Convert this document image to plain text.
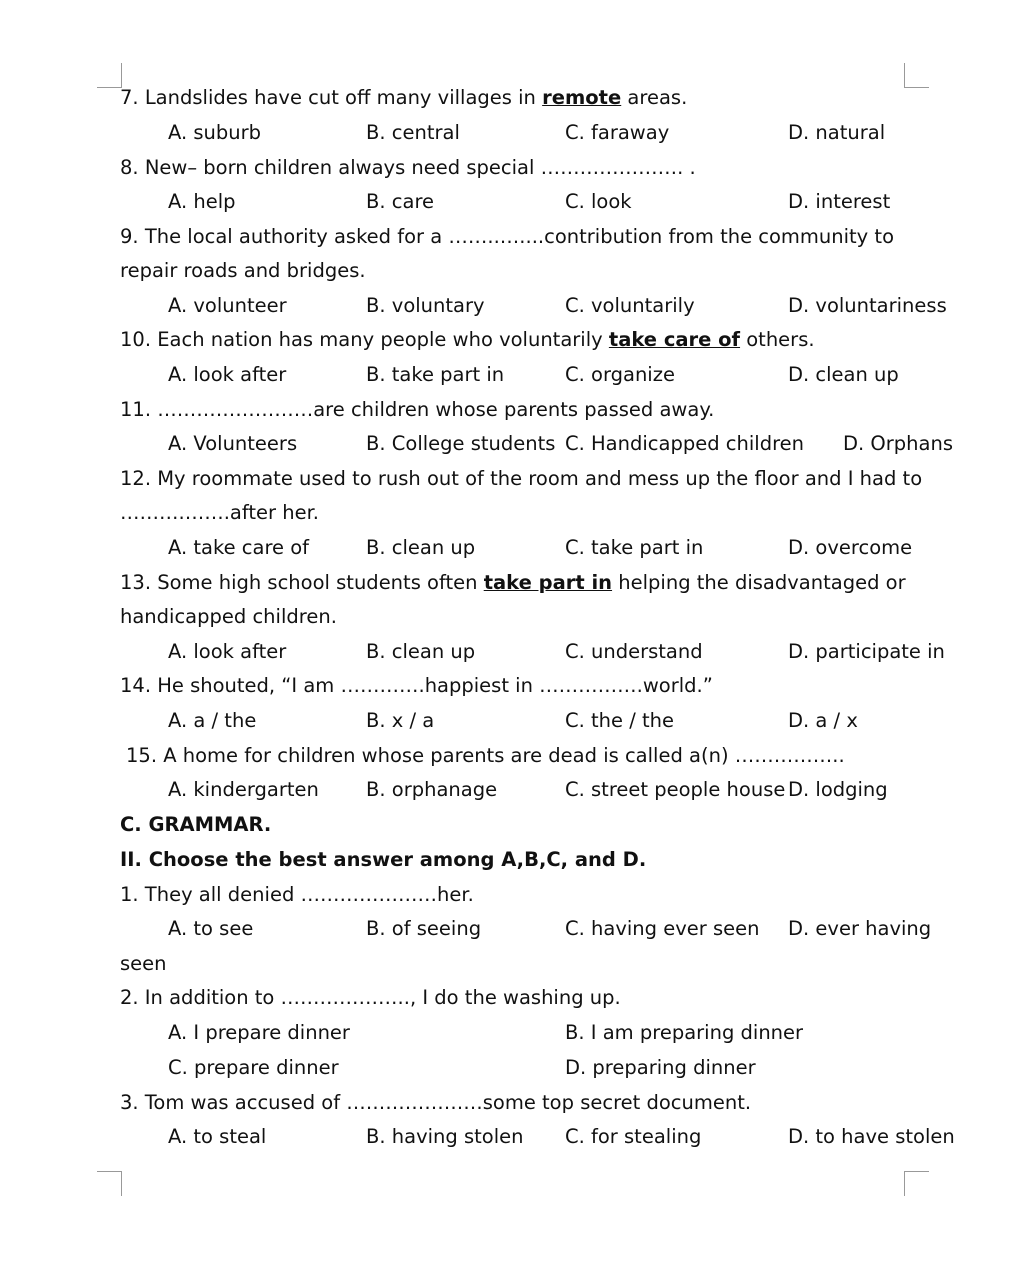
7. Landslides have cut off many villages in remote areas.
A. suburb	B. central	C. faraway	D. natural
8. New– born children always need special …………………. .
A. help	B. care	C. look	D. interest
9. The local authority asked for a ……..…....contribution from the community to
repair roads and bridges.
A. volunteer	B. voluntary	C. voluntarily	D. voluntariness
10. Each nation has many people who voluntarily take care of others.
A. look after	B. take part in	C. organize	D. clean up
11. ……………………are children whose parents passed away.
A. Volunteers	B. College students C. Handicapped children D. Orphans
12. My roommate used to rush out of the room and mess up the floor and I had to
……….…….after her.
A. take care of	B. clean up	C. take part in	D. overcome
13. Some high school students often take part in helping the disadvantaged or
handicapped children.
A. look after	B. clean up	C. understand	D. participate in
14. He shouted, “I am ………….happiest in …………….world.”
A. a / the	B. x / a	C. the / the	D. a / x
15. A home for children whose parents are dead is called a(n) ……………..
A. kindergarten B. orphanage	C. street people house D. lodging
C. GRAMMAR.
II. Choose the best answer among A,B,C, and D.
1. They all denied …………………her.
A. to see	B. of seeing	C. having ever seen D. ever having
seen
2. In addition to ……………….., I do the washing up.
A. I prepare dinner	B. I am preparing dinner
C. prepare dinner	D. preparing dinner
3. Tom was accused of …………………some top secret document.
A. to steal	B. having stolen C. for stealing	D. to have stolen
